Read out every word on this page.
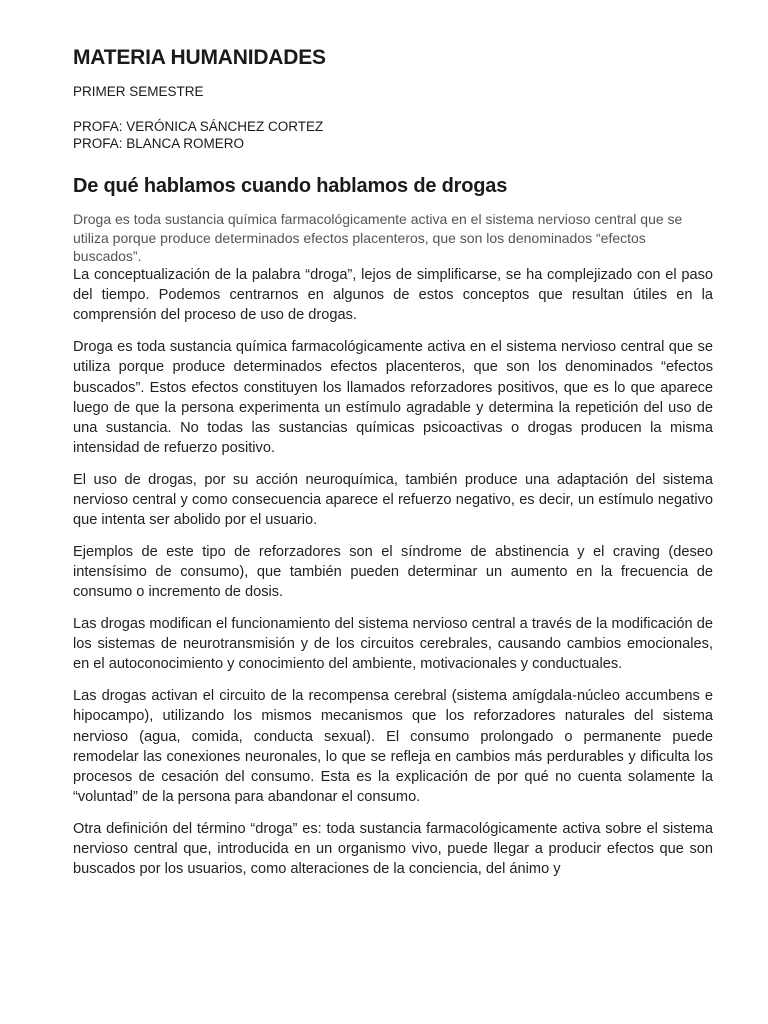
MATERIA HUMANIDADES
PRIMER SEMESTRE
PROFA: VERÓNICA SÁNCHEZ CORTEZ
PROFA: BLANCA ROMERO
De qué hablamos cuando hablamos de drogas

Droga es toda sustancia química farmacológicamente activa en el sistema nervioso central que se utiliza porque produce determinados efectos placenteros, que son los denominados “efectos buscados”.

La conceptualización de la palabra “droga”, lejos de simplificarse, se ha complejizado con el paso del tiempo. Podemos centrarnos en algunos de estos conceptos que resultan útiles en la comprensión del proceso de uso de drogas.

Droga es toda sustancia química farmacológicamente activa en el sistema nervioso central que se utiliza porque produce determinados efectos placenteros, que son los denominados “efectos buscados”. Estos efectos constituyen los llamados reforzadores positivos, que es lo que aparece luego de que la persona experimenta un estímulo agradable y determina la repetición del uso de una sustancia. No todas las sustancias químicas psicoactivas o drogas producen la misma intensidad de refuerzo positivo.

El uso de drogas, por su acción neuroquímica, también produce una adaptación del sistema nervioso central y como consecuencia aparece el refuerzo negativo, es decir, un estímulo negativo que intenta ser abolido por el usuario.

Ejemplos de este tipo de reforzadores son el síndrome de abstinencia y el craving (deseo intensísimo de consumo), que también pueden determinar un aumento en la frecuencia de consumo o incremento de dosis.

Las drogas modifican el funcionamiento del sistema nervioso central a través de la modificación de los sistemas de neurotransmisión y de los circuitos cerebrales, causando cambios emocionales, en el autoconocimiento y conocimiento del ambiente, motivacionales y conductuales.

Las drogas activan el circuito de la recompensa cerebral (sistema amígdala-núcleo accumbens e hipocampo), utilizando los mismos mecanismos que los reforzadores naturales del sistema nervioso (agua, comida, conducta sexual). El consumo prolongado o permanente puede remodelar las conexiones neuronales, lo que se refleja en cambios más perdurables y dificulta los procesos de cesación del consumo. Esta es la explicación de por qué no cuenta solamente la “voluntad” de la persona para abandonar el consumo.

Otra definición del término “droga” es: toda sustancia farmacológicamente activa sobre el sistema nervioso central que, introducida en un organismo vivo, puede llegar a producir efectos que son buscados por los usuarios, como alteraciones de la conciencia, del ánimo y
